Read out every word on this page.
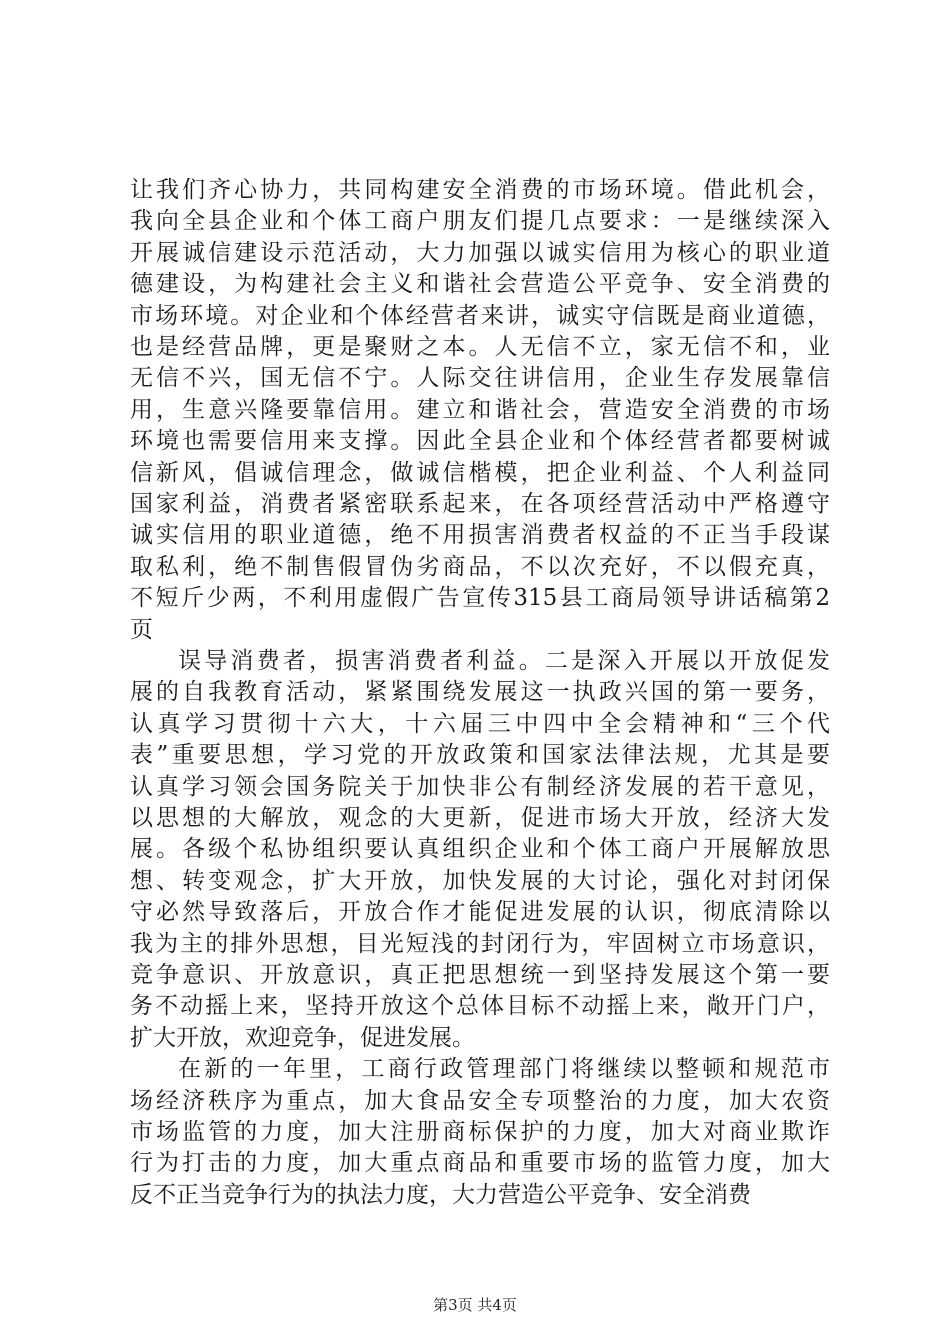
让我们齐心协力，共同构建安全消费的市场环境。借此机会，
我向全县企业和个体工商户朋友们提几点要求：一是继续深入
开展诚信建设示范活动，大力加强以诚实信用为核心的职业道
德建设，为构建社会主义和谐社会营造公平竞争、安全消费的
市场环境。对企业和个体经营者来讲，诚实守信既是商业道德，
也是经营品牌，更是聚财之本。人无信不立，家无信不和，业
无信不兴，国无信不宁。人际交往讲信用，企业生存发展靠信
用，生意兴隆要靠信用。建立和谐社会，营造安全消费的市场
环境也需要信用来支撑。因此全县企业和个体经营者都要树诚
信新风，倡诚信理念，做诚信楷模，把企业利益、个人利益同
国家利益，消费者紧密联系起来，在各项经营活动中严格遵守
诚实信用的职业道德，绝不用损害消费者权益的不正当手段谋
取私利，绝不制售假冒伪劣商品，不以次充好，不以假充真，
不短斤少两，不利用虚假广告宣传315县工商局领导讲话稿第2
页
误导消费者，损害消费者利益。二是深入开展以开放促发
展的自我教育活动，紧紧围绕发展这一执政兴国的第一要务，
认真学习贯彻十六大，十六届三中四中全会精神和“三个代
表”重要思想，学习党的开放政策和国家法律法规，尤其是要
认真学习领会国务院关于加快非公有制经济发展的若干意见，
以思想的大解放，观念的大更新，促进市场大开放，经济大发
展。各级个私协组织要认真组织企业和个体工商户开展解放思
想、转变观念，扩大开放，加快发展的大讨论，强化对封闭保
守必然导致落后，开放合作才能促进发展的认识，彻底清除以
我为主的排外思想，目光短浅的封闭行为，牢固树立市场意识，
竞争意识、开放意识，真正把思想统一到坚持发展这个第一要
务不动摇上来，坚持开放这个总体目标不动摇上来，敞开门户，
扩大开放，欢迎竞争，促进发展。
在新的一年里，工商行政管理部门将继续以整顿和规范市
场经济秩序为重点，加大食品安全专项整治的力度，加大农资
市场监管的力度，加大注册商标保护的力度，加大对商业欺诈
行为打击的力度，加大重点商品和重要市场的监管力度，加大
反不正当竞争行为的执法力度，大力营造公平竞争、安全消费
第3页 共4页
